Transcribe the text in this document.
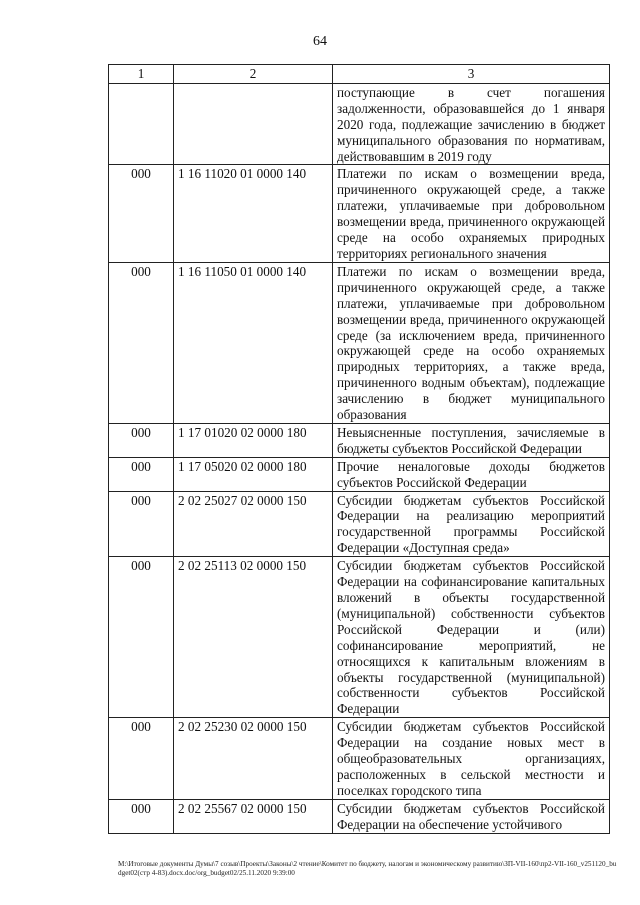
64
1	2	3
		поступающие в счет погашения задолженности, образовавшейся до 1 января 2020 года, подлежащие зачислению в бюджет муниципального образования по нормативам, действовавшим в 2019 году
000	1 16 11020 01 0000 140	Платежи по искам о возмещении вреда, причиненного окружающей среде, а также платежи, уплачиваемые при добровольном возмещении вреда, причиненного окружающей среде на особо охраняемых природных территориях регионального значения
000	1 16 11050 01 0000 140	Платежи по искам о возмещении вреда, причиненного окружающей среде, а также платежи, уплачиваемые при добровольном возмещении вреда, причиненного окружающей среде (за исключением вреда, причиненного окружающей среде на особо охраняемых природных территориях, а также вреда, причиненного водным объектам), подлежащие зачислению в бюджет муниципального образования
000	1 17 01020 02 0000 180	Невыясненные поступления, зачисляемые в бюджеты субъектов Российской Федерации
000	1 17 05020 02 0000 180	Прочие неналоговые доходы бюджетов субъектов Российской Федерации
000	2 02 25027 02 0000 150	Субсидии бюджетам субъектов Российской Федерации на реализацию мероприятий государственной программы Российской Федерации «Доступная среда»
000	2 02 25113 02 0000 150	Субсидии бюджетам субъектов Российской Федерации на софинансирование капитальных вложений в объекты государственной (муниципальной) собственности субъектов Российской Федерации и (или) софинансирование мероприятий, не относящихся к капитальным вложениям в объекты государственной (муниципальной) собственности субъектов Российской Федерации
000	2 02 25230 02 0000 150	Субсидии бюджетам субъектов Российской Федерации на создание новых мест в общеобразовательных организациях, расположенных в сельской местности и поселках городского типа
000	2 02 25567 02 0000 150	Субсидии бюджетам субъектов Российской Федерации на обеспечение устойчивого
М:\Итоговые документы Думы\7 созыв\Проекты\Законы\2 чтение\Комитет по бюджету, налогам и экономическому развитию\ЗП-VII-160\пр2-VII-160_v251120_budget02(стр 4-83).docx.doc/org_budget02/25.11.2020 9:39:00
